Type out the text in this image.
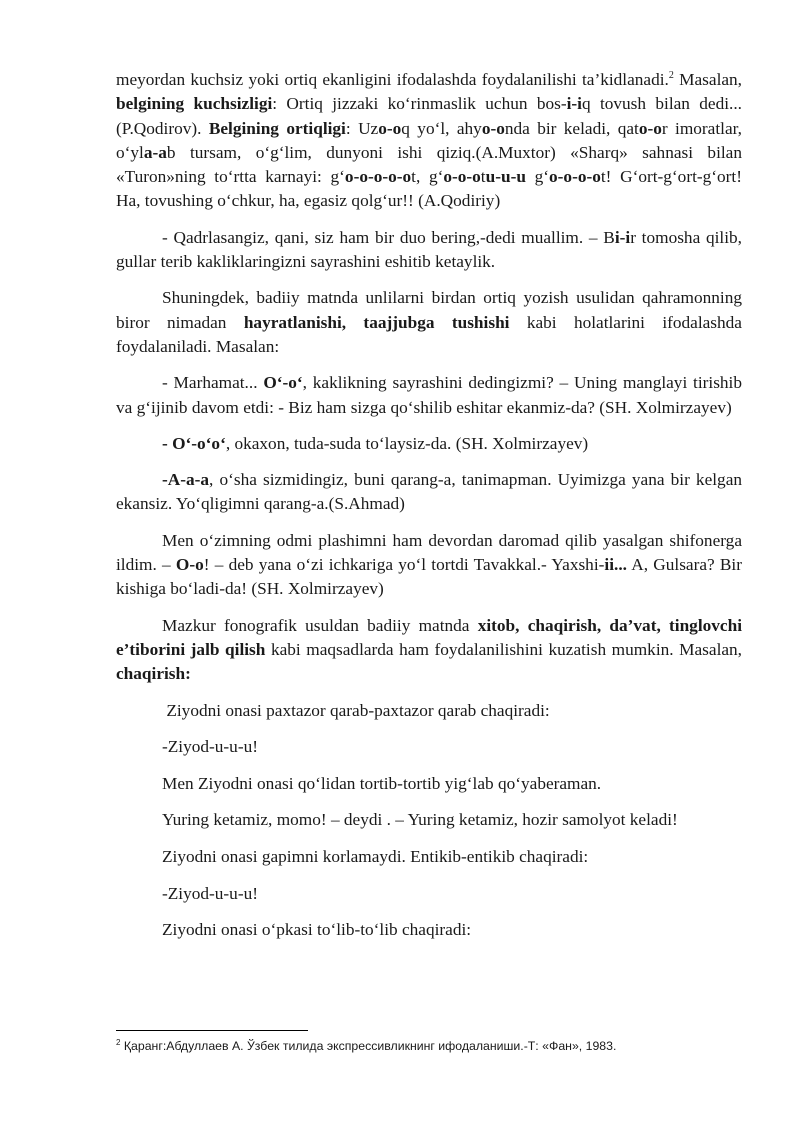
meyordan kuchsiz yoki ortiq ekanligini ifodalashda foydalanilishi ta’kidlanadi.$^2$ Masalan, belgining kuchsizligi: Ortiq jizzaki ko‘rinmaslik uchun bos-i-iq tovush bilan dedi... (P.Qodirov). Belgining ortiqligi: Uzo-oq yo‘l, ahyo-onda bir keladi, qato-or imoratlar, o‘yla-ab tursam, o‘g‘lim, dunyoni ishi qiziq.(A.Muxtor) «Sharq» sahnasi bilan «Turon»ning to‘rtta karnayi: g‘o-o-o-o-ot, g‘o-o-otu-u-u g‘o-o-o-ot! G‘ort-g‘ort-g‘ort! Ha, tovushing o‘chkur, ha, egasiz qolg‘ur!! (A.Qodiriy)

- Qadrlasangiz, qani, siz ham bir duo bering,-dedi muallim. – Bi-ir tomosha qilib, gullar terib kakliklaringizni sayrashini eshitib ketaylik.

Shuningdek, badiiy matnda unlilarni birdan ortiq yozish usulidan qahramonning biror nimadan hayratlanishi, taajjubga tushishi kabi holatlarini ifodalashda foydalaniladi. Masalan:

- Marhamat... O‘-o‘, kaklikning sayrashini dedingizmi? – Uning manglayi tirishib va g‘ijinib davom etdi: - Biz ham sizga qo‘shilib eshitar ekanmiz-da? (SH. Xolmirzayev)

- O‘-o‘o‘, okaxon, tuda-suda to‘laysiz-da. (SH. Xolmirzayev)

-A-a-a, o‘sha sizmidingiz, buni qarang-a, tanimapman. Uyimizga yana bir kelgan ekansiz. Yo‘qligimni qarang-a.(S.Ahmad)

Men o‘zimning odmi plashimni ham devordan daromad qilib yasalgan shifonerga ildim. – O-o! – deb yana o‘zi ichkariga yo‘l tortdi Tavakkal.- Yaxshi-ii... A, Gulsara? Bir kishiga bo‘ladi-da! (SH. Xolmirzayev)

Mazkur fonografik usuldan badiiy matnda xitob, chaqirish, da’vat, tinglovchi e’tiborini jalb qilish kabi maqsadlarda ham foydalanilishini kuzatish mumkin. Masalan, chaqirish:

Ziyodni onasi paxtazor qarab-paxtazor qarab chaqiradi:
-Ziyod-u-u-u!
Men Ziyodni onasi qo‘lidan tortib-tortib yig‘lab qo‘yaberaman.
Yuring ketamiz, momo! – deydi . – Yuring ketamiz, hozir samolyot keladi!
Ziyodni onasi gapimni korlamaydi. Entikib-entikib chaqiradi:
-Ziyod-u-u-u!
Ziyodni onasi o‘pkasi to‘lib-to‘lib chaqiradi:
$^2$ Қаранг:Абдуллаев А. Ўзбек тилида экспрессивликнинг ифодаланиши.-Т: «Фан», 1983.
